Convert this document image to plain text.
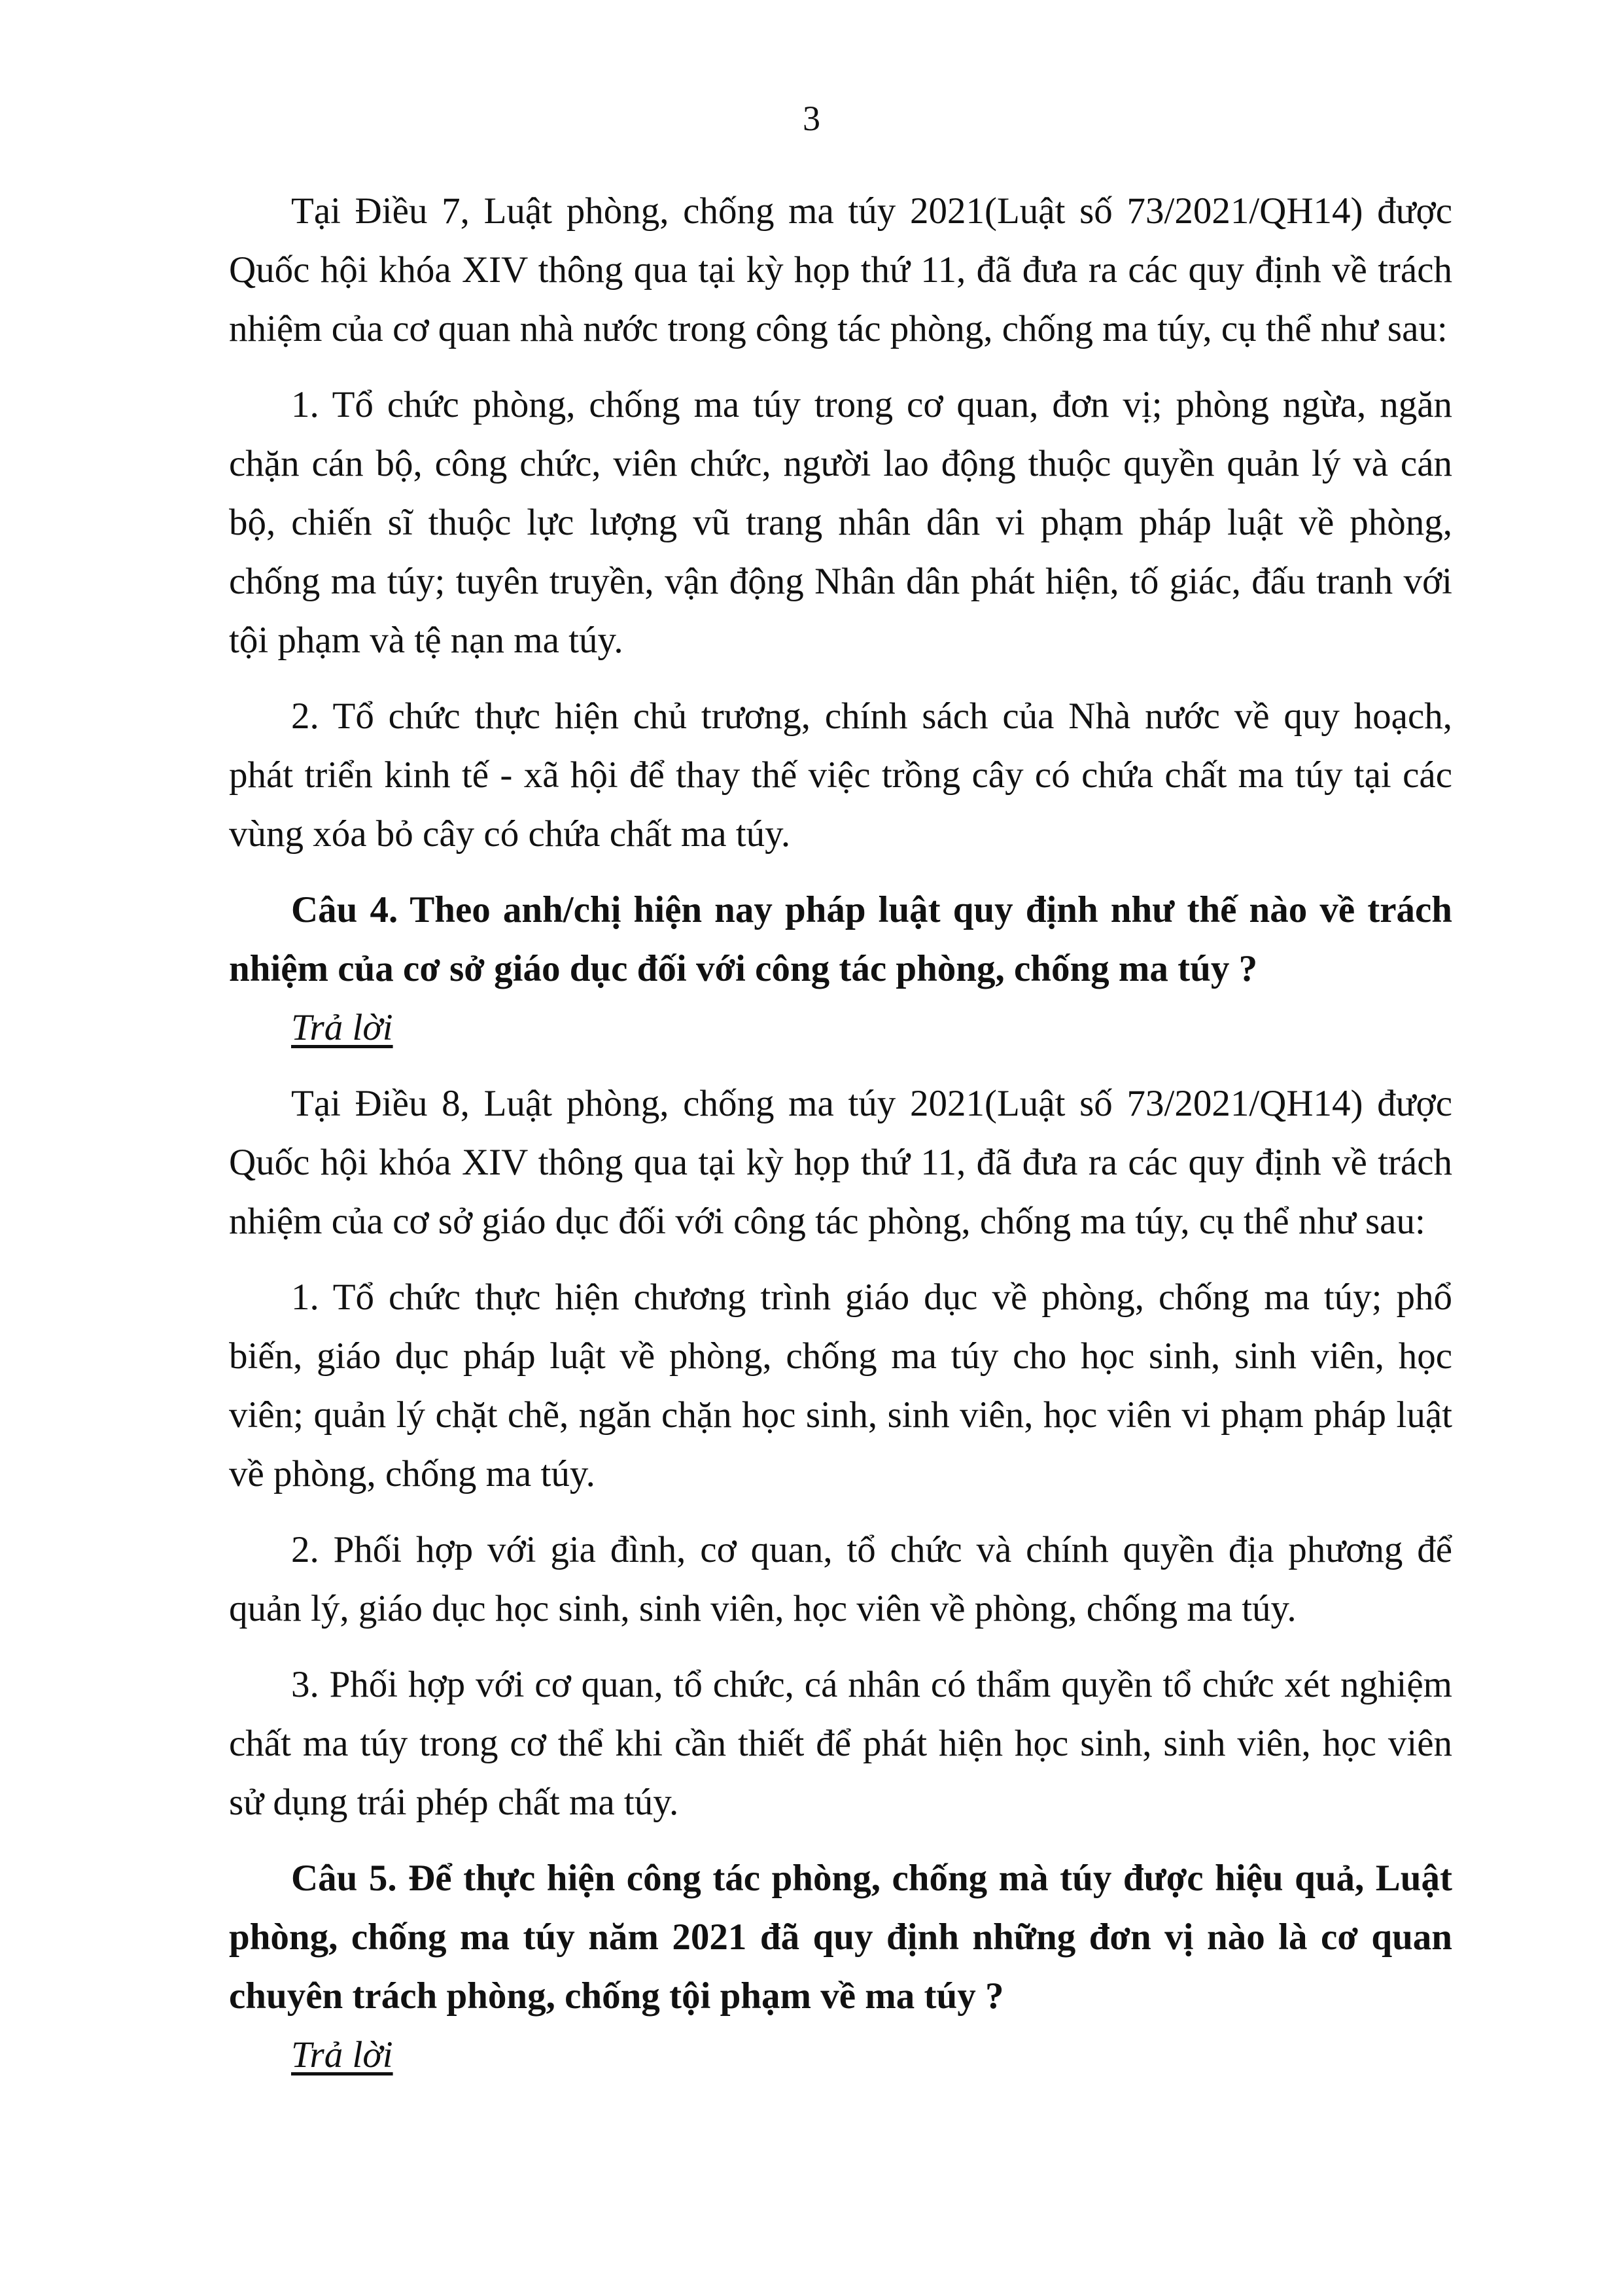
3

Tại Điều 7, Luật phòng, chống ma túy 2021(Luật số 73/2021/QH14) được Quốc hội khóa XIV thông qua tại kỳ họp thứ 11, đã đưa ra các quy định về trách nhiệm của cơ quan nhà nước trong công tác phòng, chống ma túy, cụ thể như sau:

1. Tổ chức phòng, chống ma túy trong cơ quan, đơn vị; phòng ngừa, ngăn chặn cán bộ, công chức, viên chức, người lao động thuộc quyền quản lý và cán bộ, chiến sĩ thuộc lực lượng vũ trang nhân dân vi phạm pháp luật về phòng, chống ma túy; tuyên truyền, vận động Nhân dân phát hiện, tố giác, đấu tranh với tội phạm và tệ nạn ma túy.

2. Tổ chức thực hiện chủ trương, chính sách của Nhà nước về quy hoạch, phát triển kinh tế - xã hội để thay thế việc trồng cây có chứa chất ma túy tại các vùng xóa bỏ cây có chứa chất ma túy.

Câu 4. Theo anh/chị hiện nay pháp luật quy định như thế nào về trách nhiệm của cơ sở giáo dục đối với công tác phòng, chống ma túy ?

Trả lời

Tại Điều 8, Luật phòng, chống ma túy 2021(Luật số 73/2021/QH14) được Quốc hội khóa XIV thông qua tại kỳ họp thứ 11, đã đưa ra các quy định về trách nhiệm của cơ sở giáo dục đối với công tác phòng, chống ma túy, cụ thể như sau:

1. Tổ chức thực hiện chương trình giáo dục về phòng, chống ma túy; phổ biến, giáo dục pháp luật về phòng, chống ma túy cho học sinh, sinh viên, học viên; quản lý chặt chẽ, ngăn chặn học sinh, sinh viên, học viên vi phạm pháp luật về phòng, chống ma túy.

2. Phối hợp với gia đình, cơ quan, tổ chức và chính quyền địa phương để quản lý, giáo dục học sinh, sinh viên, học viên về phòng, chống ma túy.

3. Phối hợp với cơ quan, tổ chức, cá nhân có thẩm quyền tổ chức xét nghiệm chất ma túy trong cơ thể khi cần thiết để phát hiện học sinh, sinh viên, học viên sử dụng trái phép chất ma túy.

Câu 5. Để thực hiện công tác phòng, chống mà túy được hiệu quả, Luật phòng, chống ma túy năm 2021 đã quy định những đơn vị nào là cơ quan chuyên trách phòng, chống tội phạm về ma túy ?

Trả lời
